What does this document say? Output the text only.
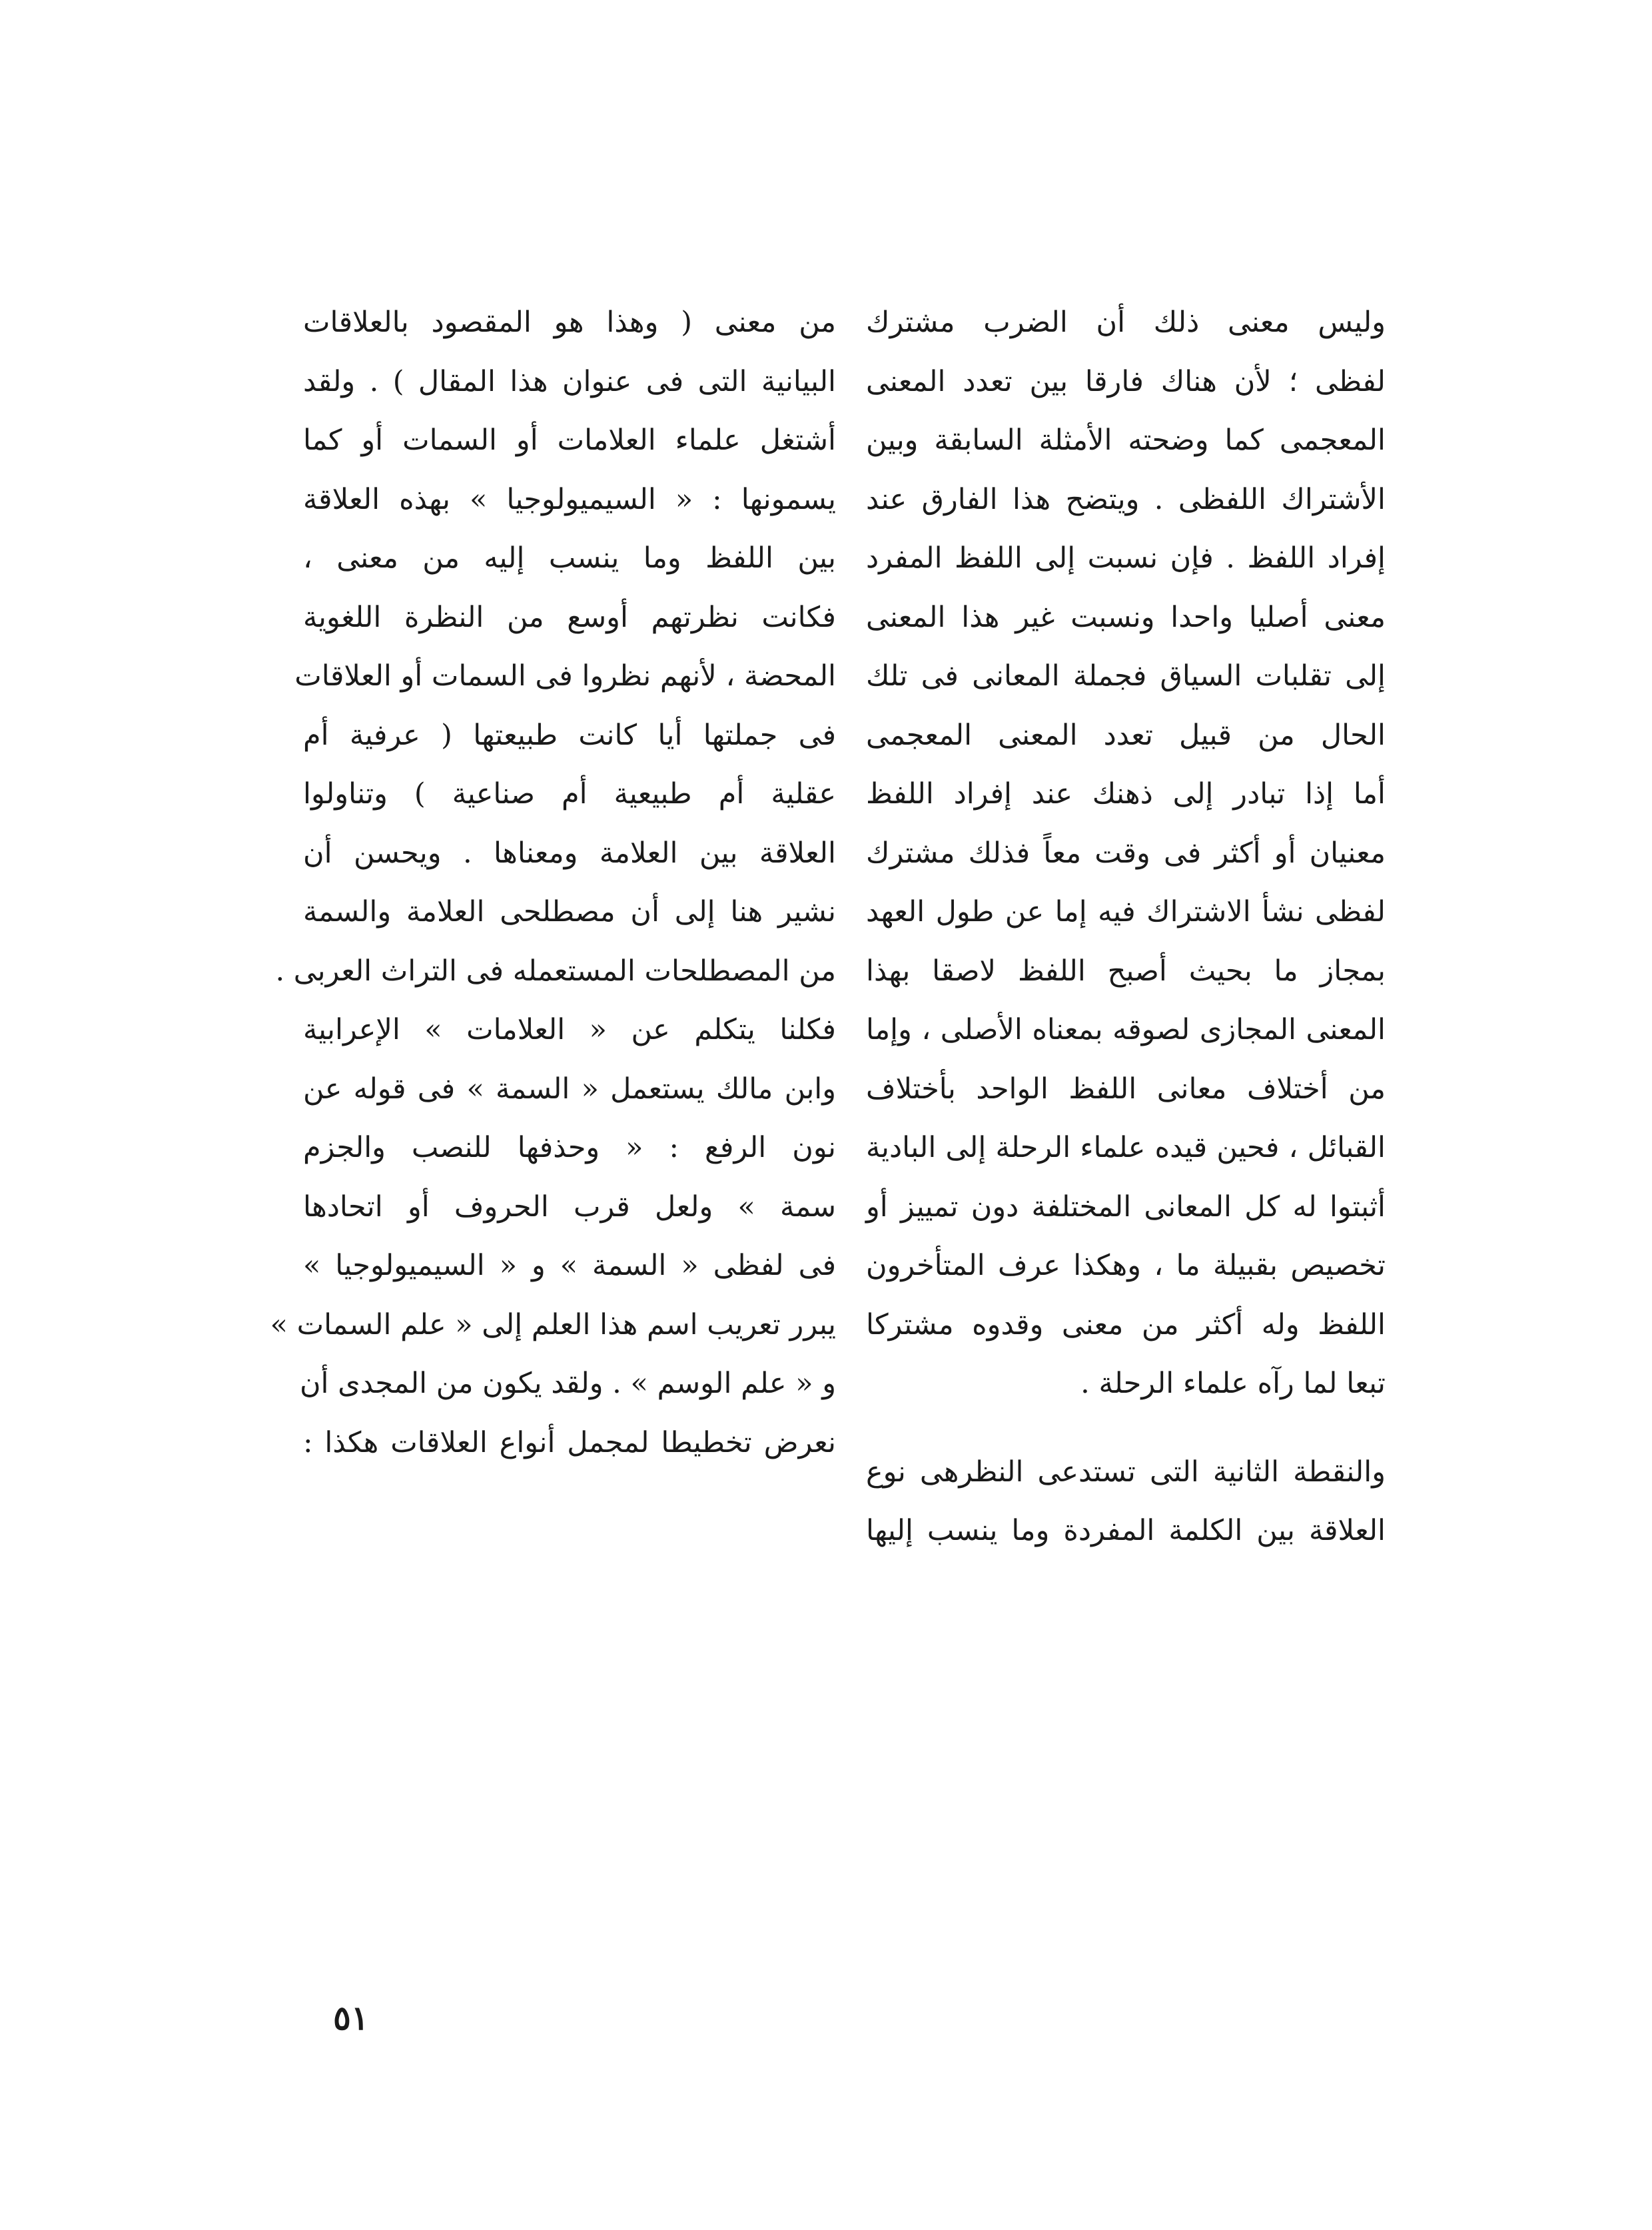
وليس معنى ذلك أن الضرب مشترك
لفظى ؛ لأن هناك فارقا بين تعدد المعنى
المعجمى كما وضحته الأمثلة السابقة وبين
الأشتراك اللفظى . ويتضح هذا الفارق عند
إفراد اللفظ . فإن نسبت إلى اللفظ المفرد
معنى أصليا واحدا ونسبت غير هذا المعنى
إلى تقلبات السياق فجملة المعانى فى تلك
الحال من قبيل تعدد المعنى المعجمى
أما إذا تبادر إلى ذهنك عند إفراد اللفظ
معنيان أو أكثر فى وقت معاً فذلك مشترك
لفظى نشأ الاشتراك فيه إما عن طول العهد
بمجاز ما بحيث أصبح اللفظ لاصقا بهذا
المعنى المجازى لصوقه بمعناه الأصلى ، وإما
من أختلاف معانى اللفظ الواحد بأختلاف
القبائل ، فحين قيده علماء الرحلة إلى البادية
أثبتوا له كل المعانى المختلفة دون تمييز أو
تخصيص بقبيلة ما ، وهكذا عرف المتأخرون
اللفظ وله أكثر من معنى وقدوه مشتركا
تبعا لما رآه علماء الرحلة .
والنقطة الثانية التى تستدعى النظرهى نوع
العلاقة بين الكلمة المفردة وما ينسب إليها
من معنى ( وهذا هو المقصود بالعلاقات
البيانية التى فى عنوان هذا المقال ) . ولقد
أشتغل علماء العلامات أو السمات أو كما
يسمونها : « السيميولوجيا » بهذه العلاقة
بين اللفظ وما ينسب إليه من معنى ،
فكانت نظرتهم أوسع من النظرة اللغوية
المحضة ، لأنهم نظروا فى السمات أو العلاقات
فى جملتها أيا كانت طبيعتها ( عرفية أم
عقلية أم طبيعية أم صناعية ) وتناولوا
العلاقة بين العلامة ومعناها . ويحسن أن
نشير هنا إلى أن مصطلحى العلامة والسمة
من المصطلحات المستعمله فى التراث العربى .
فكلنا يتكلم عن « العلامات » الإعرابية
وابن مالك يستعمل « السمة » فى قوله عن
نون الرفع : « وحذفها للنصب والجزم
سمة » ولعل قرب الحروف أو اتحادها
فى لفظى « السمة » و « السيميولوجيا »
يبرر تعريب اسم هذا العلم إلى « علم السمات »
و « علم الوسم » . ولقد يكون من المجدى أن
نعرض تخطيطا لمجمل أنواع العلاقات هكذا :
٥١
